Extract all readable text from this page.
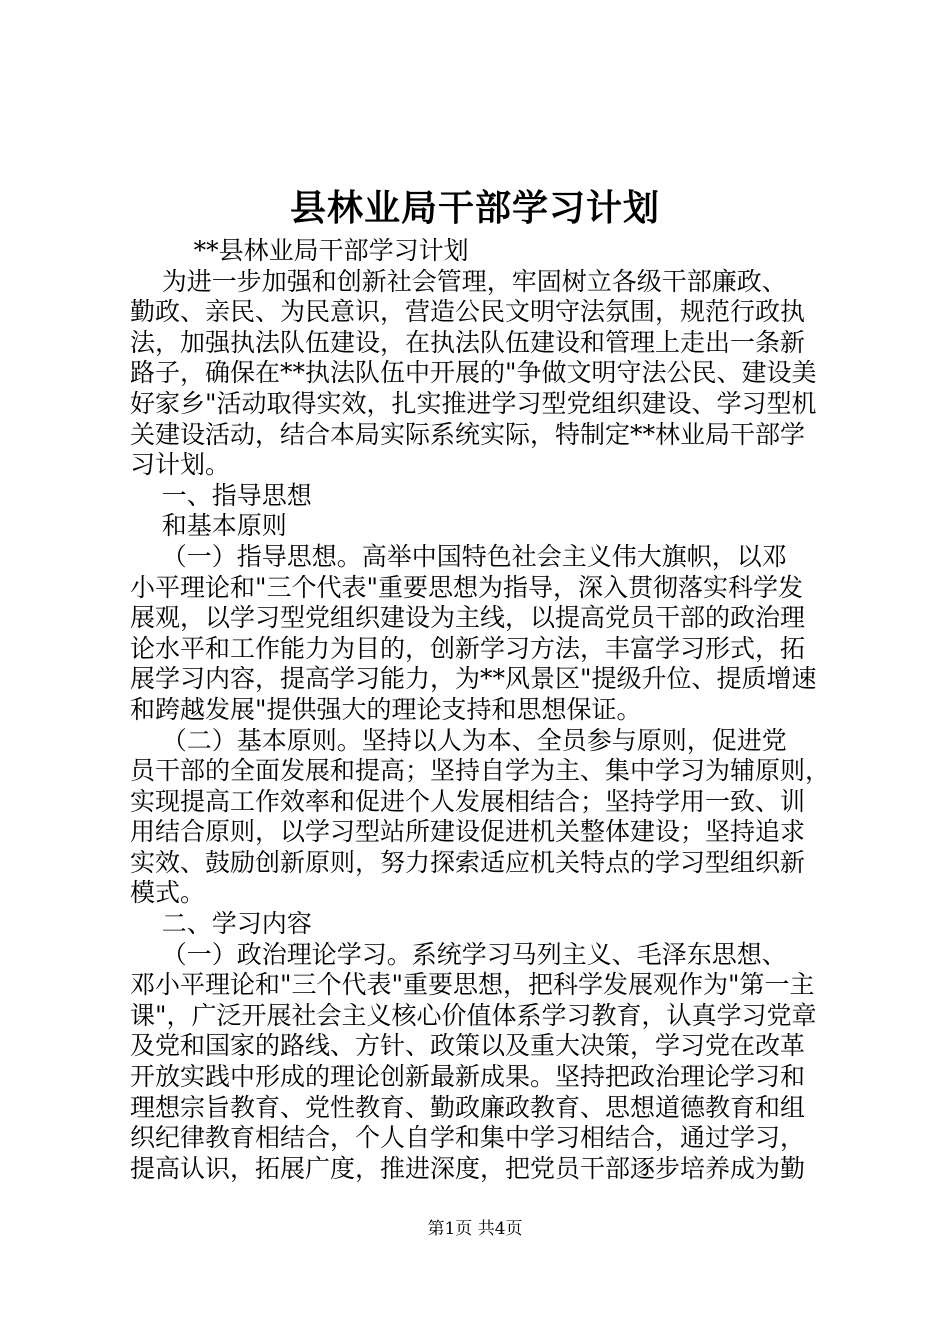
县林业局干部学习计划
**县林业局干部学习计划
为进一步加强和创新社会管理，牢固树立各级干部廉政、
勤政、亲民、为民意识，营造公民文明守法氛围，规范行政执
法，加强执法队伍建设，在执法队伍建设和管理上走出一条新
路子，确保在**执法队伍中开展的"争做文明守法公民、建设美
好家乡"活动取得实效，扎实推进学习型党组织建设、学习型机
关建设活动，结合本局实际系统实际，特制定**林业局干部学
习计划。
一、指导思想
和基本原则
（一）指导思想。高举中国特色社会主义伟大旗帜，以邓
小平理论和"三个代表"重要思想为指导，深入贯彻落实科学发
展观，以学习型党组织建设为主线，以提高党员干部的政治理
论水平和工作能力为目的，创新学习方法，丰富学习形式，拓
展学习内容，提高学习能力，为**风景区"提级升位、提质增速
和跨越发展"提供强大的理论支持和思想保证。
（二）基本原则。坚持以人为本、全员参与原则，促进党
员干部的全面发展和提高；坚持自学为主、集中学习为辅原则，
实现提高工作效率和促进个人发展相结合；坚持学用一致、训
用结合原则，以学习型站所建设促进机关整体建设；坚持追求
实效、鼓励创新原则，努力探索适应机关特点的学习型组织新
模式。
二、学习内容
（一）政治理论学习。系统学习马列主义、毛泽东思想、
邓小平理论和"三个代表"重要思想，把科学发展观作为"第一主
课"，广泛开展社会主义核心价值体系学习教育，认真学习党章
及党和国家的路线、方针、政策以及重大决策，学习党在改革
开放实践中形成的理论创新最新成果。坚持把政治理论学习和
理想宗旨教育、党性教育、勤政廉政教育、思想道德教育和组
织纪律教育相结合，个人自学和集中学习相结合，通过学习，
提高认识，拓展广度，推进深度，把党员干部逐步培养成为勤
第1页 共4页
